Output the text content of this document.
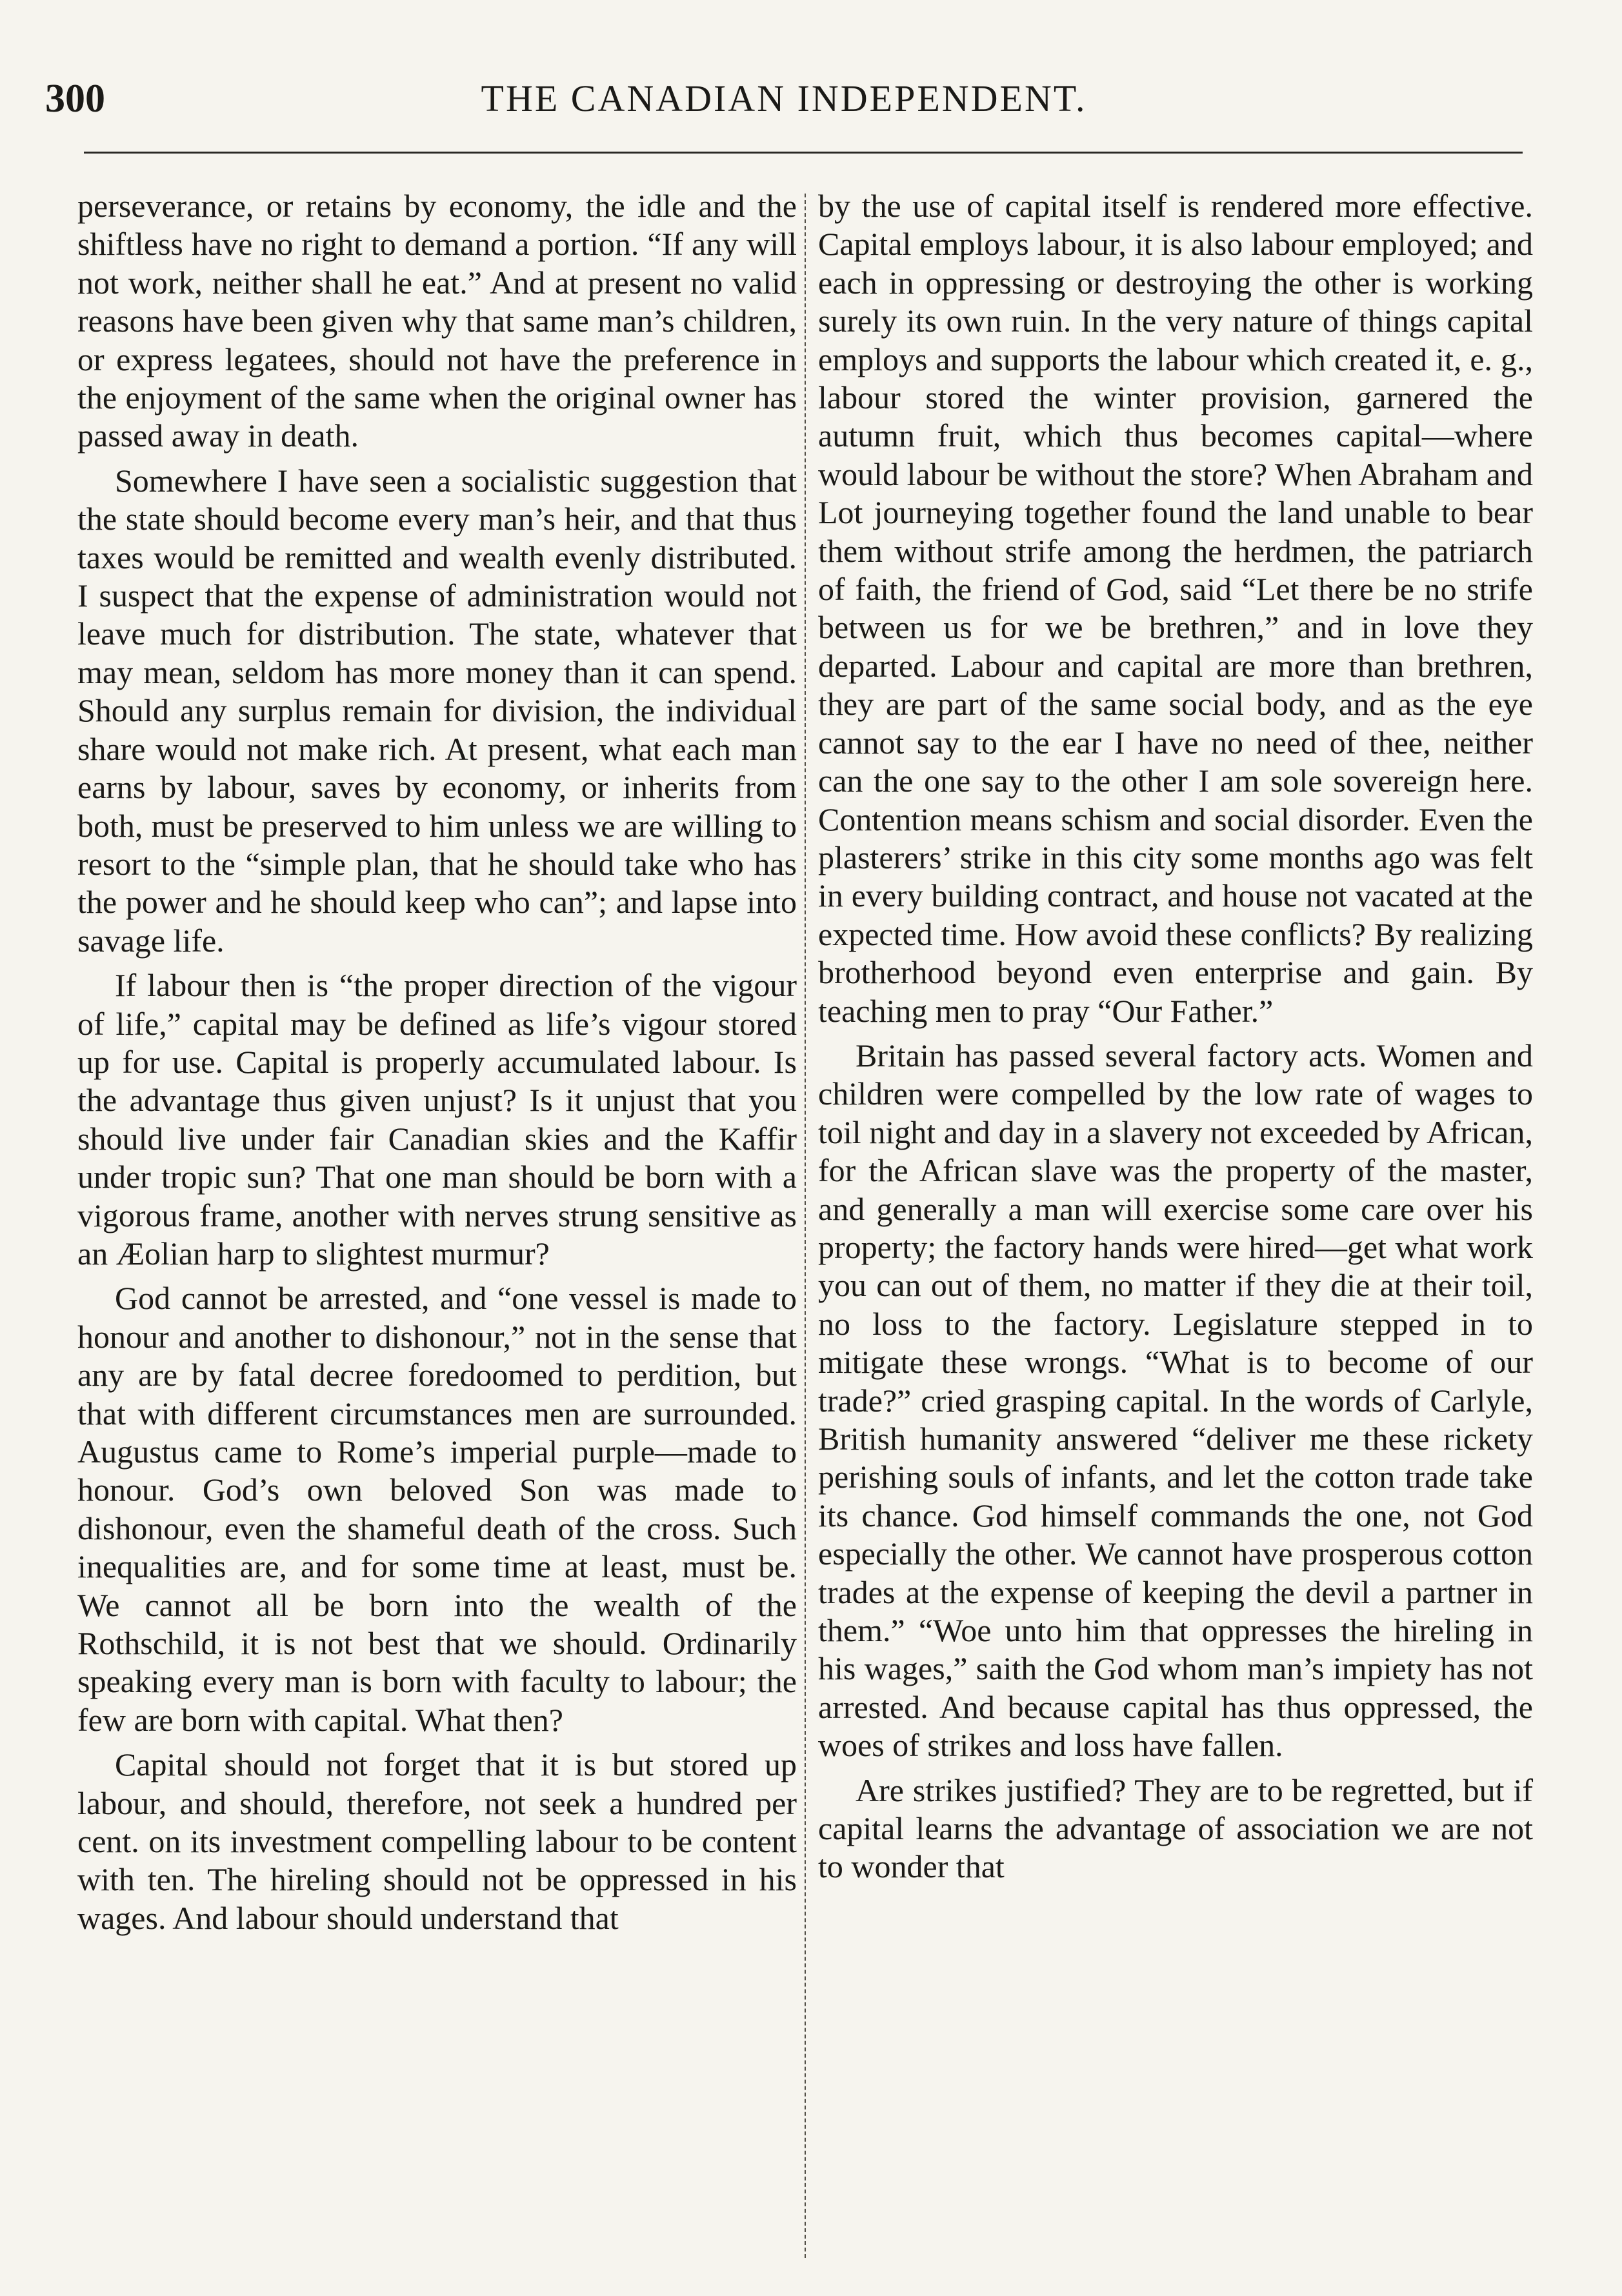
300	THE CANADIAN INDEPENDENT.

perseverance, or retains by economy, the idle and the shiftless have no right to demand a portion. “If any will not work, neither shall he eat.” And at present no valid reasons have been given why that same man’s children, or express legatees, should not have the preference in the enjoyment of the same when the original owner has passed away in death.

Somewhere I have seen a socialistic suggestion that the state should become every man’s heir, and that thus taxes would be remitted and wealth evenly distributed. I suspect that the expense of administration would not leave much for distribution. The state, whatever that may mean, seldom has more money than it can spend. Should any surplus remain for division, the individual share would not make rich. At present, what each man earns by labour, saves by economy, or inherits from both, must be preserved to him unless we are willing to resort to the “simple plan, that he should take who has the power and he should keep who can”; and lapse into savage life.

If labour then is “the proper direction of the vigour of life,” capital may be defined as life’s vigour stored up for use. Capital is properly accumulated labour. Is the advantage thus given unjust? Is it unjust that you should live under fair Canadian skies and the Kaffir under tropic sun? That one man should be born with a vigorous frame, another with nerves strung sensitive as an Æolian harp to slightest murmur?

God cannot be arrested, and “one vessel is made to honour and another to dishonour,” not in the sense that any are by fatal decree foredoomed to perdition, but that with different circumstances men are surrounded. Augustus came to Rome’s imperial purple—made to honour. God’s own beloved Son was made to dishonour, even the shameful death of the cross. Such inequalities are, and for some time at least, must be. We cannot all be born into the wealth of the Rothschild, it is not best that we should. Ordinarily speaking every man is born with faculty to labour; the few are born with capital. What then?

Capital should not forget that it is but stored up labour, and should, therefore, not seek a hundred per cent. on its investment compelling labour to be content with ten. The hireling should not be oppressed in his wages. And labour should understand that

by the use of capital itself is rendered more effective. Capital employs labour, it is also labour employed; and each in oppressing or destroying the other is working surely its own ruin. In the very nature of things capital employs and supports the labour which created it, e. g., labour stored the winter provision, garnered the autumn fruit, which thus becomes capital—where would labour be without the store? When Abraham and Lot journeying together found the land unable to bear them without strife among the herdmen, the patriarch of faith, the friend of God, said “Let there be no strife between us for we be brethren,” and in love they departed. Labour and capital are more than brethren, they are part of the same social body, and as the eye cannot say to the ear I have no need of thee, neither can the one say to the other I am sole sovereign here. Contention means schism and social disorder. Even the plasterers’ strike in this city some months ago was felt in every building contract, and house not vacated at the expected time. How avoid these conflicts? By realizing brotherhood beyond even enterprise and gain. By teaching men to pray “Our Father.”

Britain has passed several factory acts. Women and children were compelled by the low rate of wages to toil night and day in a slavery not exceeded by African, for the African slave was the property of the master, and generally a man will exercise some care over his property; the factory hands were hired—get what work you can out of them, no matter if they die at their toil, no loss to the factory. Legislature stepped in to mitigate these wrongs. “What is to become of our trade?” cried grasping capital. In the words of Carlyle, British humanity answered “deliver me these rickety perishing souls of infants, and let the cotton trade take its chance. God himself commands the one, not God especially the other. We cannot have prosperous cotton trades at the expense of keeping the devil a partner in them.” “Woe unto him that oppresses the hireling in his wages,” saith the God whom man’s impiety has not arrested. And because capital has thus oppressed, the woes of strikes and loss have fallen.

Are strikes justified? They are to be regretted, but if capital learns the advantage of association we are not to wonder that
